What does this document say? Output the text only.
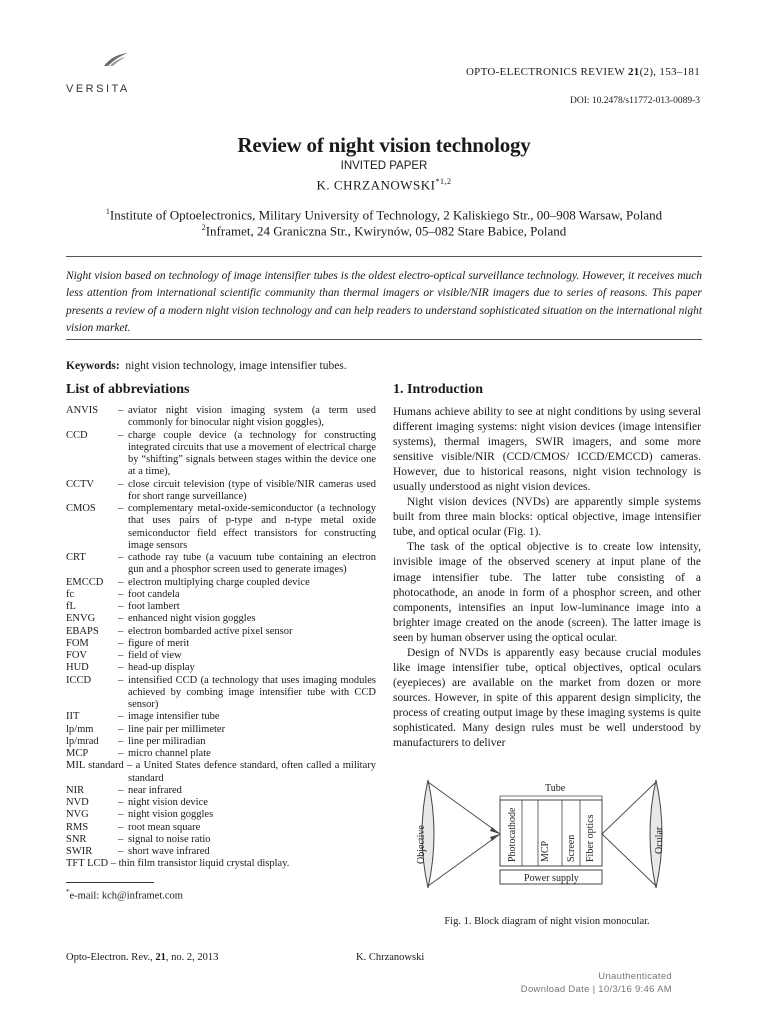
VERSITA
OPTO-ELECTRONICS REVIEW 21(2), 153–181
DOI: 10.2478/s11772-013-0089-3
Review of night vision technology
INVITED PAPER
K. CHRZANOWSKI$^{*1,2}$
$^1$Institute of Optoelectronics, Military University of Technology, 2 Kaliskiego Str., 00–908 Warsaw, Poland
$^2$Inframet, 24 Graniczna Str., Kwirynów, 05–082 Stare Babice, Poland
Night vision based on technology of image intensifier tubes is the oldest electro-optical surveillance technology. However, it receives much less attention from international scientific community than thermal imagers or visible/NIR imagers due to series of reasons. This paper presents a review of a modern night vision technology and can help readers to understand sophisticated situation on the international night vision market.
Keywords: night vision technology, image intensifier tubes.
List of abbreviations
ANVIS	– aviator night vision imaging system (a term used commonly for binocular night vision goggles),
CCD	– charge couple device (a technology for constructing integrated circuits that use a movement of electrical charge by “shifting” signals between stages within the device one at a time),
CCTV	– close circuit television (type of visible/NIR cameras used for short range surveillance)
CMOS	– complementary metal-oxide-semiconductor (a technology that uses pairs of p-type and n-type metal oxide semiconductor field effect transistors for constructing image sensors
CRT	– cathode ray tube (a vacuum tube containing an electron gun and a phosphor screen used to generate images)
EMCCD	– electron multiplying charge coupled device
fc	– foot candela
fL	– foot lambert
ENVG	– enhanced night vision goggles
EBAPS	– electron bombarded active pixel sensor
FOM	– figure of merit
FOV	– field of view
HUD	– head-up display
ICCD	– intensified CCD (a technology that uses imaging modules achieved by combing image intensifier tube with CCD sensor)
IIT	– image intensifier tube
lp/mm	– line pair per millimeter
lp/mrad	– line per miliradian
MCP	– micro channel plate
MIL standard – a United States defence standard, often called a military standard
NIR	– near infrared
NVD	– night vision device
NVG	– night vision goggles
RMS	– root mean square
SNR	– signal to noise ratio
SWIR	– short wave infrared
TFT LCD – thin film transistor liquid crystal display.
1. Introduction

Humans achieve ability to see at night conditions by using several different imaging systems: night vision devices (image intensifier systems), thermal imagers, SWIR imagers, and some more sensitive visible/NIR (CCD/CMOS/ ICCD/EMCCD) cameras. However, due to historical reasons, night vision technology is usually understood as night vision devices.

Night vision devices (NVDs) are apparently simple systems built from three main blocks: optical objective, image intensifier tube, and optical ocular (Fig. 1).

The task of the optical objective is to create low intensity, invisible image of the observed scenery at input plane of the image intensifier tube. The latter tube consisting of a photocathode, an anode in form of a phosphor screen, and other components, intensifies an input low-luminance image into a brighter image created on the anode (screen). The latter image is seen by human observer using the optical ocular.

Design of NVDs is apparently easy because crucial modules like image intensifier tube, optical objectives, optical oculars (eyepieces) are available on the market from dozen or more sources. However, in spite of this apparent design simplicity, the process of creating output image by these imaging systems is quite sophisticated. Many design rules must be well understood by manufacturers to deliver

Objective
Tube
Photocathode MCP Screen Fiber optics
Power supply
Ocular
Fig. 1. Block diagram of night vision monocular.
*e-mail: kch@inframet.com
Opto-Electron. Rev., 21, no. 2, 2013	K. Chrzanowski
Unauthenticated
Download Date | 10/3/16 9:46 AM
